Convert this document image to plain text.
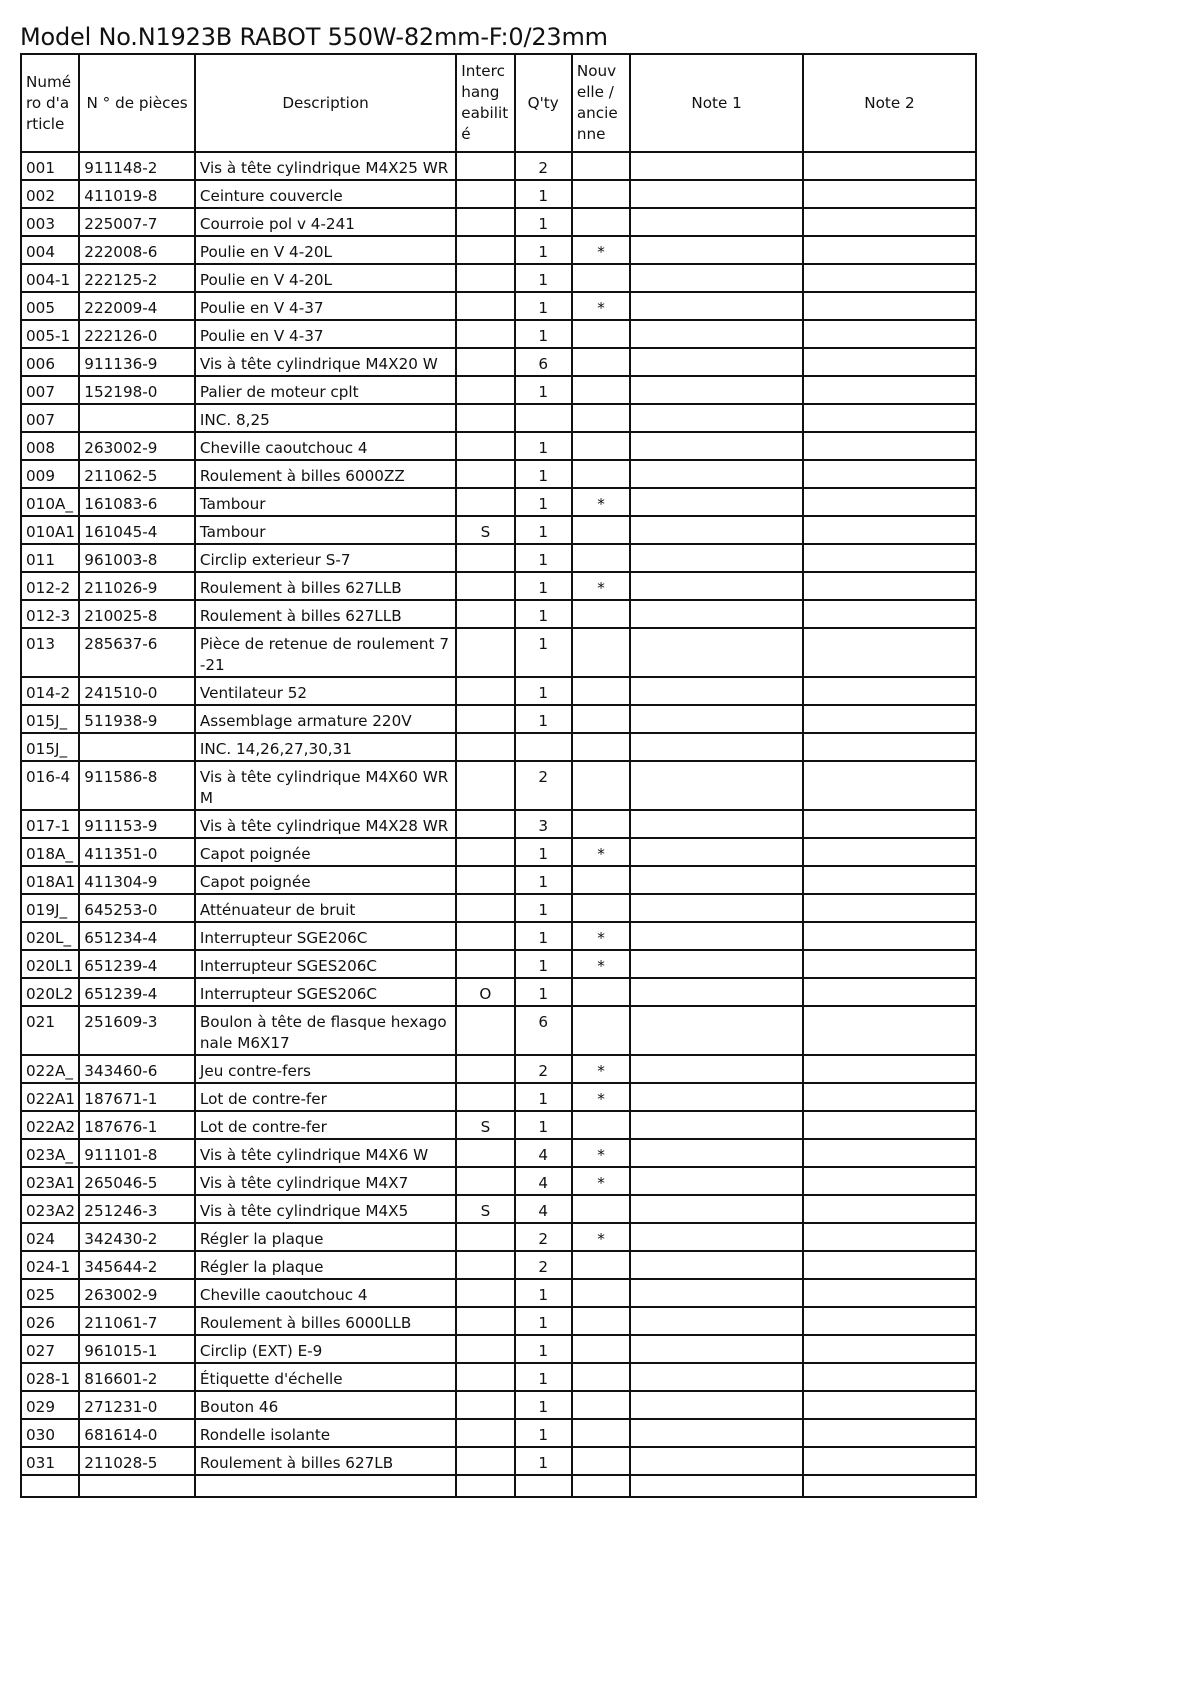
Model No.N1923B RABOT 550W-82mm-F:0/23mm
Numé ro d'a rticle	N ° de pièces	Description	Interc hang eabilit é	Q'ty	Nouv elle / ancie nne	Note 1	Note 2
001	911148-2	Vis à tête cylindrique M4X25 WR		2			
002	411019-8	Ceinture couvercle		1			
003	225007-7	Courroie pol v 4-241		1			
004	222008-6	Poulie en V 4-20L		1	*		
004-1	222125-2	Poulie en V 4-20L		1			
005	222009-4	Poulie en V 4-37		1	*		
005-1	222126-0	Poulie en V 4-37		1			
006	911136-9	Vis à tête cylindrique M4X20 W		6			
007	152198-0	Palier de moteur cplt		1			
007		INC. 8,25					
008	263002-9	Cheville caoutchouc 4		1			
009	211062-5	Roulement à billes 6000ZZ		1			
010A_	161083-6	Tambour		1	*		
010A1	161045-4	Tambour	S	1			
011	961003-8	Circlip exterieur S-7		1			
012-2	211026-9	Roulement à billes 627LLB		1	*		
012-3	210025-8	Roulement à billes 627LLB		1			
013	285637-6	Pièce de retenue de roulement 7 -21		1			
014-2	241510-0	Ventilateur 52		1			
015J_	511938-9	Assemblage armature 220V		1			
015J_		INC. 14,26,27,30,31					
016-4	911586-8	Vis à tête cylindrique M4X60 WR M		2			
017-1	911153-9	Vis à tête cylindrique M4X28 WR		3			
018A_	411351-0	Capot poignée		1	*		
018A1	411304-9	Capot poignée		1			
019J_	645253-0	Atténuateur de bruit		1			
020L_	651234-4	Interrupteur SGE206C		1	*		
020L1	651239-4	Interrupteur SGES206C		1	*		
020L2	651239-4	Interrupteur SGES206C	O	1			
021	251609-3	Boulon à tête de flasque hexago nale M6X17		6			
022A_	343460-6	Jeu contre-fers		2	*		
022A1	187671-1	Lot de contre-fer		1	*		
022A2	187676-1	Lot de contre-fer	S	1			
023A_	911101-8	Vis à tête cylindrique M4X6 W		4	*		
023A1	265046-5	Vis à tête cylindrique M4X7		4	*		
023A2	251246-3	Vis à tête cylindrique M4X5	S	4			
024	342430-2	Régler la plaque		2	*		
024-1	345644-2	Régler la plaque		2			
025	263002-9	Cheville caoutchouc 4		1			
026	211061-7	Roulement à billes 6000LLB		1			
027	961015-1	Circlip (EXT) E-9		1			
028-1	816601-2	Étiquette d'échelle		1			
029	271231-0	Bouton 46		1			
030	681614-0	Rondelle isolante		1			
031	211028-5	Roulement à billes 627LB		1			
